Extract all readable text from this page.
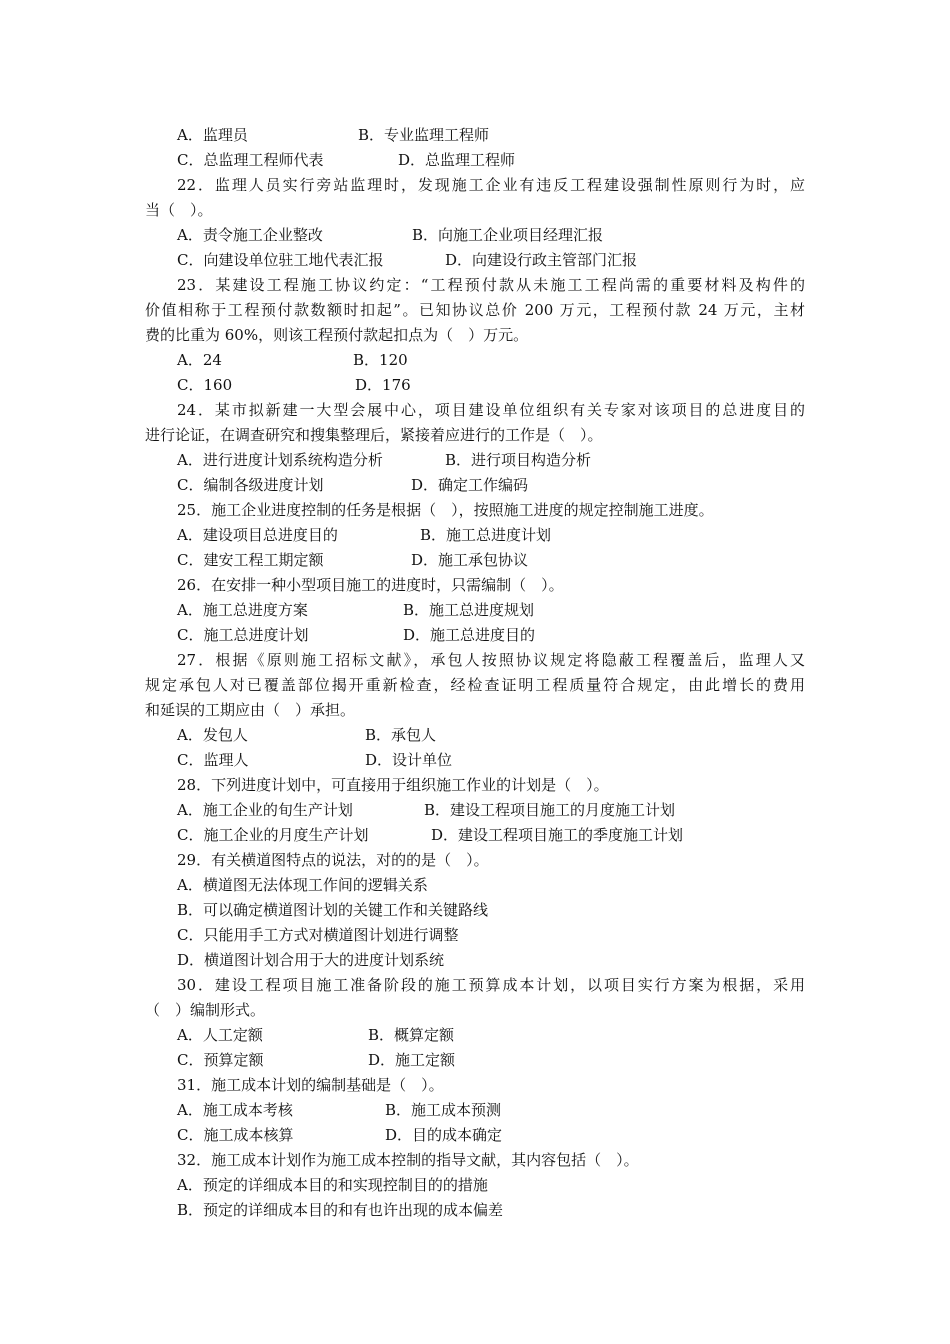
A．监理员	B．专业监理工程师
C．总监理工程师代表	D．总监理工程师
22．监理人员实行旁站监理时，发现施工企业有违反工程建设强制性原则行为时，应
当（　）。
A．责令施工企业整改	B．向施工企业项目经理汇报
C．向建设单位驻工地代表汇报	D．向建设行政主管部门汇报
23．某建设工程施工协议约定：“工程预付款从未施工工程尚需的重要材料及构件的
价值相称于工程预付款数额时扣起”。已知协议总价 200 万元，工程预付款 24 万元，主材
费的比重为 60%，则该工程预付款起扣点为（　）万元。
A．24	B．120
C．160	D．176
24．某市拟新建一大型会展中心，项目建设单位组织有关专家对该项目的总进度目的
进行论证，在调查研究和搜集整理后，紧接着应进行的工作是（　）。
A．进行进度计划系统构造分析	B．进行项目构造分析
C．编制各级进度计划	D．确定工作编码
25．施工企业进度控制的任务是根据（　），按照施工进度的规定控制施工进度。
A．建设项目总进度目的	B．施工总进度计划
C．建安工程工期定额	D．施工承包协议
26．在安排一种小型项目施工的进度时，只需编制（　）。
A．施工总进度方案	B．施工总进度规划
C．施工总进度计划	D．施工总进度目的
27．根据《原则施工招标文献》，承包人按照协议规定将隐蔽工程覆盖后，监理人又
规定承包人对已覆盖部位揭开重新检查，经检查证明工程质量符合规定，由此增长的费用
和延误的工期应由（　）承担。
A．发包人	B．承包人
C．监理人	D．设计单位
28．下列进度计划中，可直接用于组织施工作业的计划是（　）。
A．施工企业的旬生产计划	B．建设工程项目施工的月度施工计划
C．施工企业的月度生产计划	D．建设工程项目施工的季度施工计划
29．有关横道图特点的说法，对的的是（　）。
A．横道图无法体现工作间的逻辑关系
B．可以确定横道图计划的关键工作和关键路线
C．只能用手工方式对横道图计划进行调整
D．横道图计划合用于大的进度计划系统
30．建设工程项目施工准备阶段的施工预算成本计划，以项目实行方案为根据，采用
（　）编制形式。
A．人工定额	B．概算定额
C．预算定额	D．施工定额
31．施工成本计划的编制基础是（　）。
A．施工成本考核	B．施工成本预测
C．施工成本核算	D．目的成本确定
32．施工成本计划作为施工成本控制的指导文献，其内容包括（　）。
A．预定的详细成本目的和实现控制目的的措施
B．预定的详细成本目的和有也许出现的成本偏差
